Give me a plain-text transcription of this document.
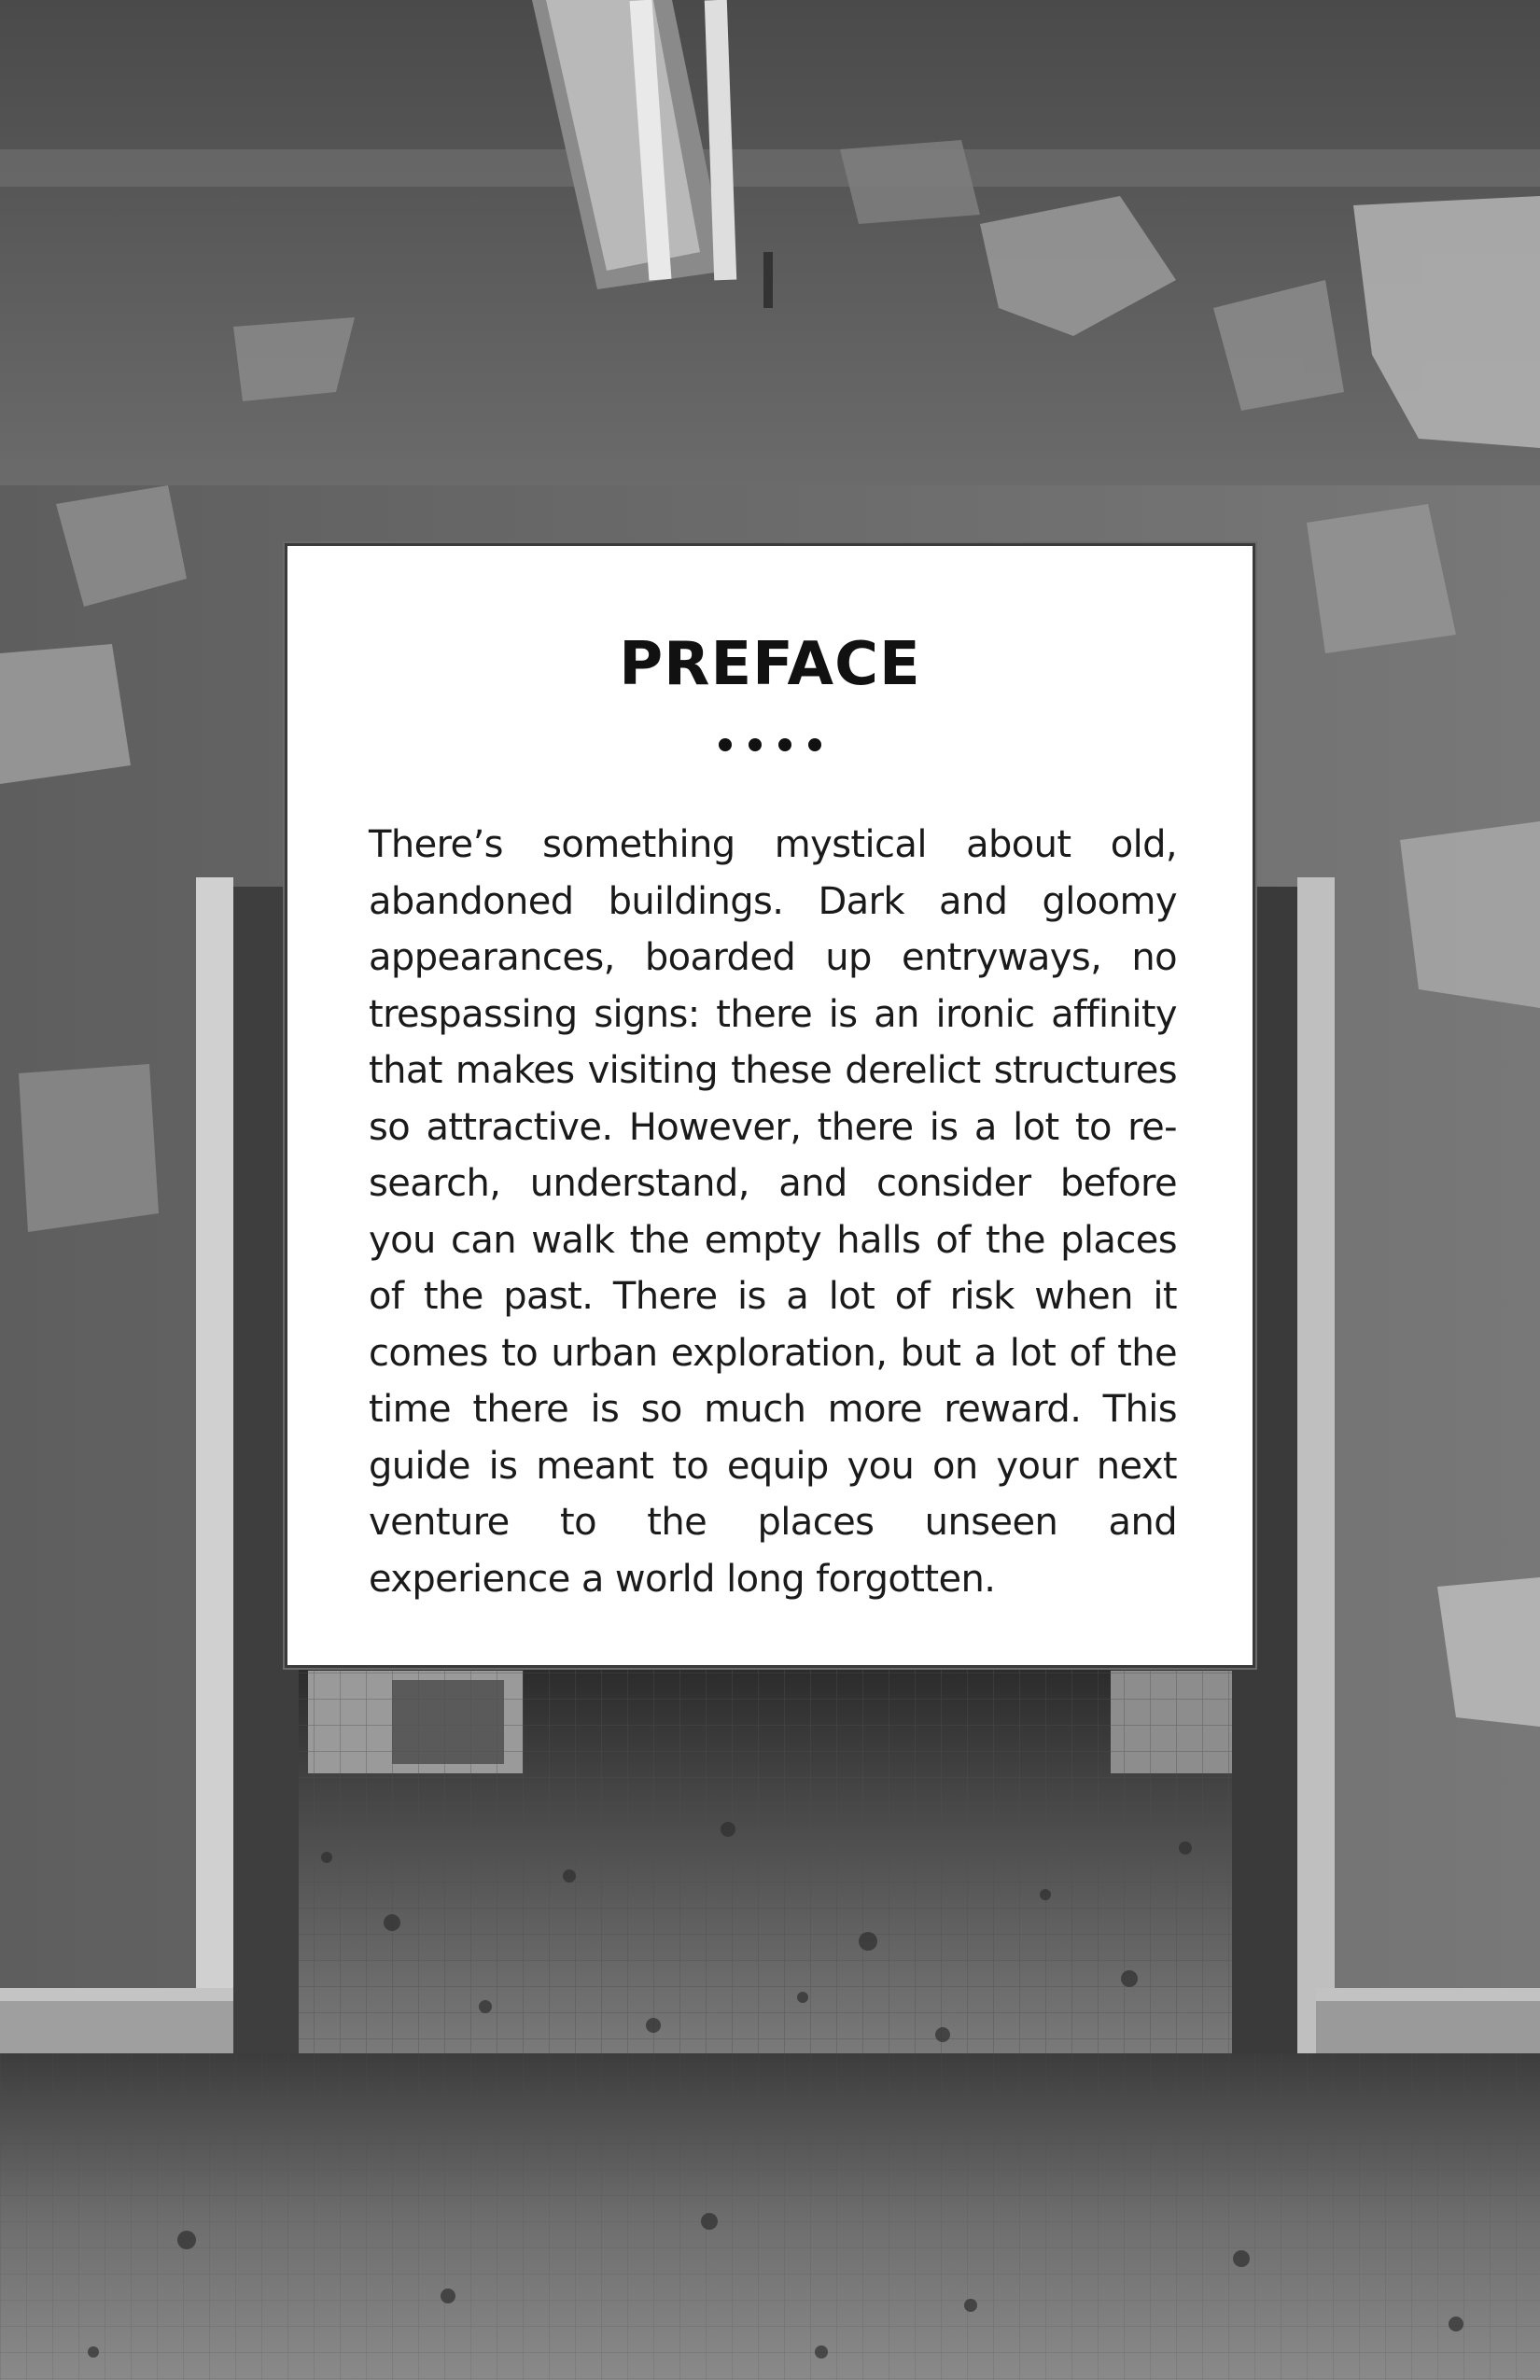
PREFACE

There’s something mystical about old, abandoned buildings. Dark and gloomy appearances, boarded up entryways, no trespassing signs: there is an ironic affinity that makes visiting these derelict structures so attractive. However, there is a lot to re-search, understand, and consider before you can walk the empty halls of the places of the past. There is a lot of risk when it comes to urban exploration, but a lot of the time there is so much more reward. This guide is meant to equip you on your next venture to the places unseen and experience a world long forgotten.
